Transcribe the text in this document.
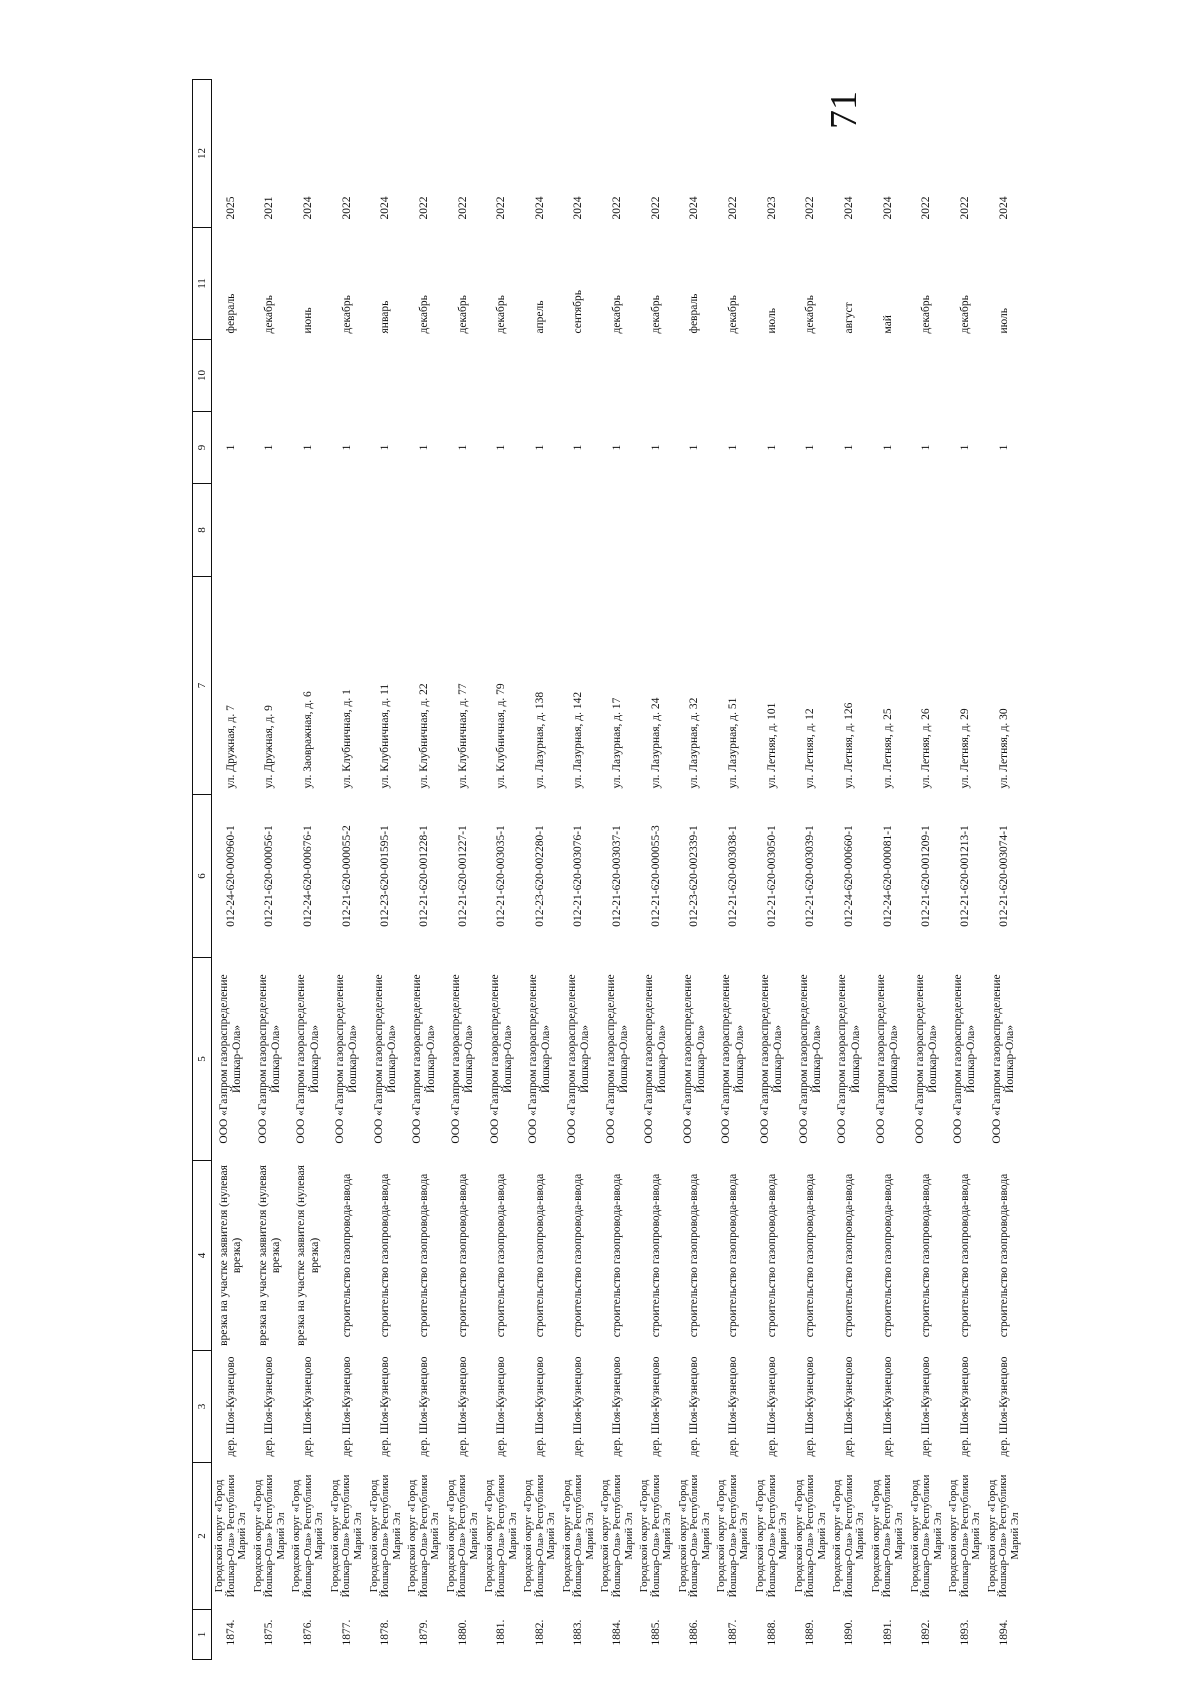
71
1	2	3	4	5	6	7	8	9	10	11	12
1874.	Городской округ «Город Йошкар-Ола» Республики Марий Эл	дер. Шоя-Кузнецово	врезка на участке заявителя (нулевая врезка)	ООО «Газпром газораспределение Йошкар-Ола»	012-24-620-000960-1	ул. Дружная, д. 7		1		февраль	2025
1875.	Городской округ «Город Йошкар-Ола» Республики Марий Эл	дер. Шоя-Кузнецово	врезка на участке заявителя (нулевая врезка)	ООО «Газпром газораспределение Йошкар-Ола»	012-21-620-000056-1	ул. Дружная, д. 9		1		декабрь	2021
1876.	Городской округ «Город Йошкар-Ола» Республики Марий Эл	дер. Шоя-Кузнецово	врезка на участке заявителя (нулевая врезка)	ООО «Газпром газораспределение Йошкар-Ола»	012-24-620-000676-1	ул. Заовражная, д. 6		1		июнь	2024
1877.	Городской округ «Город Йошкар-Ола» Республики Марий Эл	дер. Шоя-Кузнецово	строительство газопровода-ввода	ООО «Газпром газораспределение Йошкар-Ола»	012-21-620-000055-2	ул. Клубничная, д. 1		1		декабрь	2022
1878.	Городской округ «Город Йошкар-Ола» Республики Марий Эл	дер. Шоя-Кузнецово	строительство газопровода-ввода	ООО «Газпром газораспределение Йошкар-Ола»	012-23-620-001595-1	ул. Клубничная, д. 11		1		январь	2024
1879.	Городской округ «Город Йошкар-Ола» Республики Марий Эл	дер. Шоя-Кузнецово	строительство газопровода-ввода	ООО «Газпром газораспределение Йошкар-Ола»	012-21-620-001228-1	ул. Клубничная, д. 22		1		декабрь	2022
1880.	Городской округ «Город Йошкар-Ола» Республики Марий Эл	дер. Шоя-Кузнецово	строительство газопровода-ввода	ООО «Газпром газораспределение Йошкар-Ола»	012-21-620-001227-1	ул. Клубничная, д. 77		1		декабрь	2022
1881.	Городской округ «Город Йошкар-Ола» Республики Марий Эл	дер. Шоя-Кузнецово	строительство газопровода-ввода	ООО «Газпром газораспределение Йошкар-Ола»	012-21-620-003035-1	ул. Клубничная, д. 79		1		декабрь	2022
1882.	Городской округ «Город Йошкар-Ола» Республики Марий Эл	дер. Шоя-Кузнецово	строительство газопровода-ввода	ООО «Газпром газораспределение Йошкар-Ола»	012-23-620-002280-1	ул. Лазурная, д. 138		1		апрель	2024
1883.	Городской округ «Город Йошкар-Ола» Республики Марий Эл	дер. Шоя-Кузнецово	строительство газопровода-ввода	ООО «Газпром газораспределение Йошкар-Ола»	012-21-620-003076-1	ул. Лазурная, д. 142		1		сентябрь	2024
1884.	Городской округ «Город Йошкар-Ола» Республики Марий Эл	дер. Шоя-Кузнецово	строительство газопровода-ввода	ООО «Газпром газораспределение Йошкар-Ола»	012-21-620-003037-1	ул. Лазурная, д. 17		1		декабрь	2022
1885.	Городской округ «Город Йошкар-Ола» Республики Марий Эл	дер. Шоя-Кузнецово	строительство газопровода-ввода	ООО «Газпром газораспределение Йошкар-Ола»	012-21-620-000055-3	ул. Лазурная, д. 24		1		декабрь	2022
1886.	Городской округ «Город Йошкар-Ола» Республики Марий Эл	дер. Шоя-Кузнецово	строительство газопровода-ввода	ООО «Газпром газораспределение Йошкар-Ола»	012-23-620-002339-1	ул. Лазурная, д. 32		1		февраль	2024
1887.	Городской округ «Город Йошкар-Ола» Республики Марий Эл	дер. Шоя-Кузнецово	строительство газопровода-ввода	ООО «Газпром газораспределение Йошкар-Ола»	012-21-620-003038-1	ул. Лазурная, д. 51		1		декабрь	2022
1888.	Городской округ «Город Йошкар-Ола» Республики Марий Эл	дер. Шоя-Кузнецово	строительство газопровода-ввода	ООО «Газпром газораспределение Йошкар-Ола»	012-21-620-003050-1	ул. Летняя, д. 101		1		июль	2023
1889.	Городской округ «Город Йошкар-Ола» Республики Марий Эл	дер. Шоя-Кузнецово	строительство газопровода-ввода	ООО «Газпром газораспределение Йошкар-Ола»	012-21-620-003039-1	ул. Летняя, д. 12		1		декабрь	2022
1890.	Городской округ «Город Йошкар-Ола» Республики Марий Эл	дер. Шоя-Кузнецово	строительство газопровода-ввода	ООО «Газпром газораспределение Йошкар-Ола»	012-24-620-000660-1	ул. Летняя, д. 126		1		август	2024
1891.	Городской округ «Город Йошкар-Ола» Республики Марий Эл	дер. Шоя-Кузнецово	строительство газопровода-ввода	ООО «Газпром газораспределение Йошкар-Ола»	012-24-620-000081-1	ул. Летняя, д. 25		1		май	2024
1892.	Городской округ «Город Йошкар-Ола» Республики Марий Эл	дер. Шоя-Кузнецово	строительство газопровода-ввода	ООО «Газпром газораспределение Йошкар-Ола»	012-21-620-001209-1	ул. Летняя, д. 26		1		декабрь	2022
1893.	Городской округ «Город Йошкар-Ола» Республики Марий Эл	дер. Шоя-Кузнецово	строительство газопровода-ввода	ООО «Газпром газораспределение Йошкар-Ола»	012-21-620-001213-1	ул. Летняя, д. 29		1		декабрь	2022
1894.	Городской округ «Город Йошкар-Ола» Республики Марий Эл	дер. Шоя-Кузнецово	строительство газопровода-ввода	ООО «Газпром газораспределение Йошкар-Ола»	012-21-620-003074-1	ул. Летняя, д. 30		1		июль	2024
